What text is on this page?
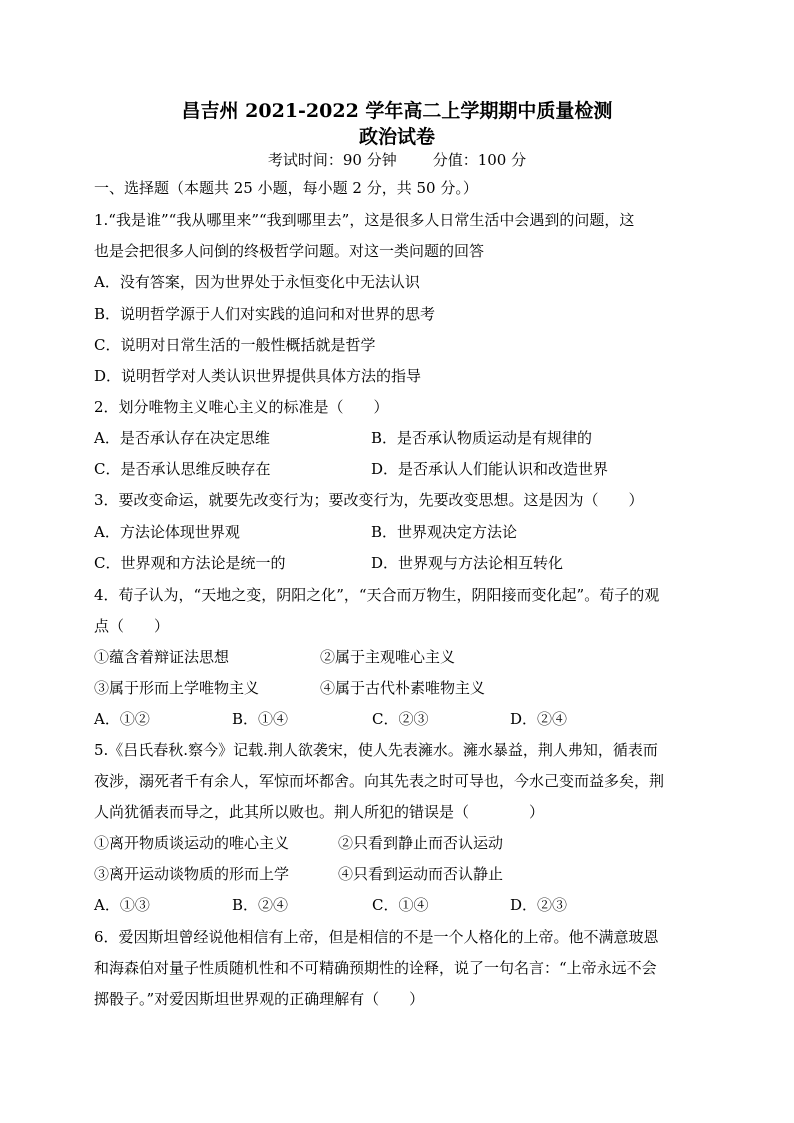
昌吉州 2021-2022 学年高二上学期期中质量检测
政治试卷
考试时间：90 分钟 分值：100 分
一、选择题（本题共 25 小题，每小题 2 分，共 50 分。）
1.“我是谁”“我从哪里来”“我到哪里去”，这是很多人日常生活中会遇到的问题，这
也是会把很多人问倒的终极哲学问题。对这一类问题的回答
A．没有答案，因为世界处于永恒变化中无法认识
B．说明哲学源于人们对实践的追问和对世界的思考
C．说明对日常生活的一般性概括就是哲学
D．说明哲学对人类认识世界提供具体方法的指导
2．划分唯物主义唯心主义的标准是（　　）
A．是否承认存在决定思维	B．是否承认物质运动是有规律的
C．是否承认思维反映存在	D．是否承认人们能认识和改造世界
3．要改变命运，就要先改变行为；要改变行为，先要改变思想。这是因为（　　）
A．方法论体现世界观	B．世界观决定方法论
C．世界观和方法论是统一的	D．世界观与方法论相互转化
4．荀子认为，“天地之变，阴阳之化”，“天合而万物生，阴阳接而变化起”。荀子的观
点（　　）
①蕴含着辩证法思想	②属于主观唯心主义
③属于形而上学唯物主义	④属于古代朴素唯物主义
A．①②	B．①④	C．②③	D．②④
5.《吕氏春秋.察今》记载.荆人欲袭宋，使人先表澭水。澭水暴益，荆人弗知，循表而
夜涉，溺死者千有余人，军惊而坏都舍。向其先表之时可导也，今水己变而益多矣，荆
人尚犹循表而导之，此其所以败也。荆人所犯的错误是（　　　　）
①离开物质谈运动的唯心主义	②只看到静止而否认运动
③离开运动谈物质的形而上学	④只看到运动而否认静止
A．①③	B．②④	C．①④	D．②③
6．爱因斯坦曾经说他相信有上帝，但是相信的不是一个人格化的上帝。他不满意玻恩
和海森伯对量子性质随机性和不可精确预期性的诠释，说了一句名言：“上帝永远不会
掷骰子。”对爱因斯坦世界观的正确理解有（　　）
